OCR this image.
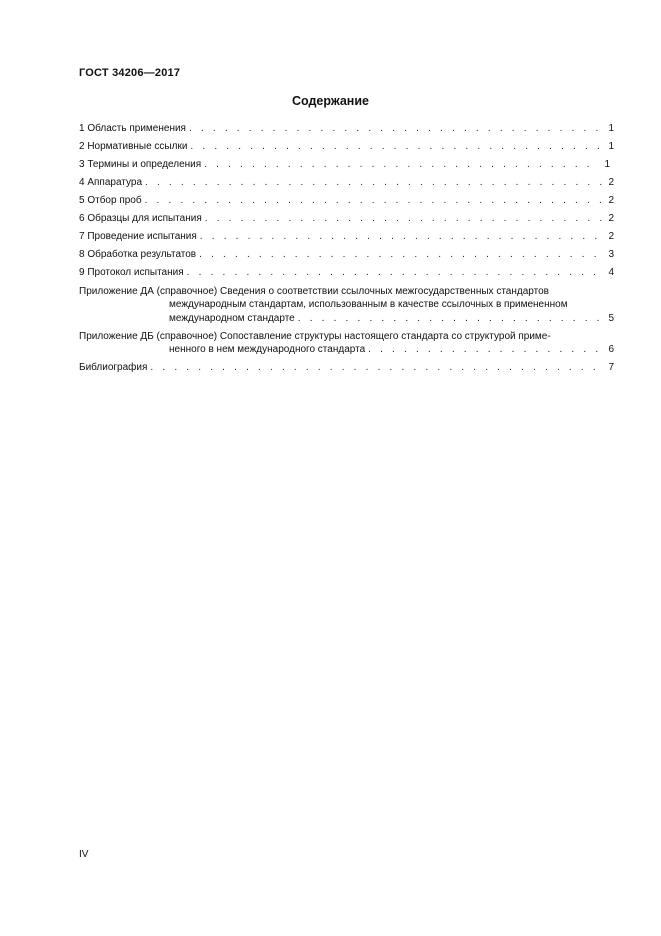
ГОСТ 34206—2017
Содержание
1 Область применения . . .	1
2 Нормативные ссылки . . .	1
3 Термины и определения . . .	1
4 Аппаратура . . .	2
5 Отбор проб . . .	2
6 Образцы для испытания . . .	2
7 Проведение испытания . . .	2
8 Обработка результатов . . .	3
9 Протокол испытания . . .	4
Приложение ДА (справочное) Сведения о соответствии ссылочных межгосударственных стандартов
международным стандартам, использованным в качестве ссылочных в примененном
международном стандарте . . .	5
Приложение ДБ (справочное) Сопоставление структуры настоящего стандарта со структурой приме-
ненного в нем международного стандарта . . .	6
Библиография . . .	7
IV
